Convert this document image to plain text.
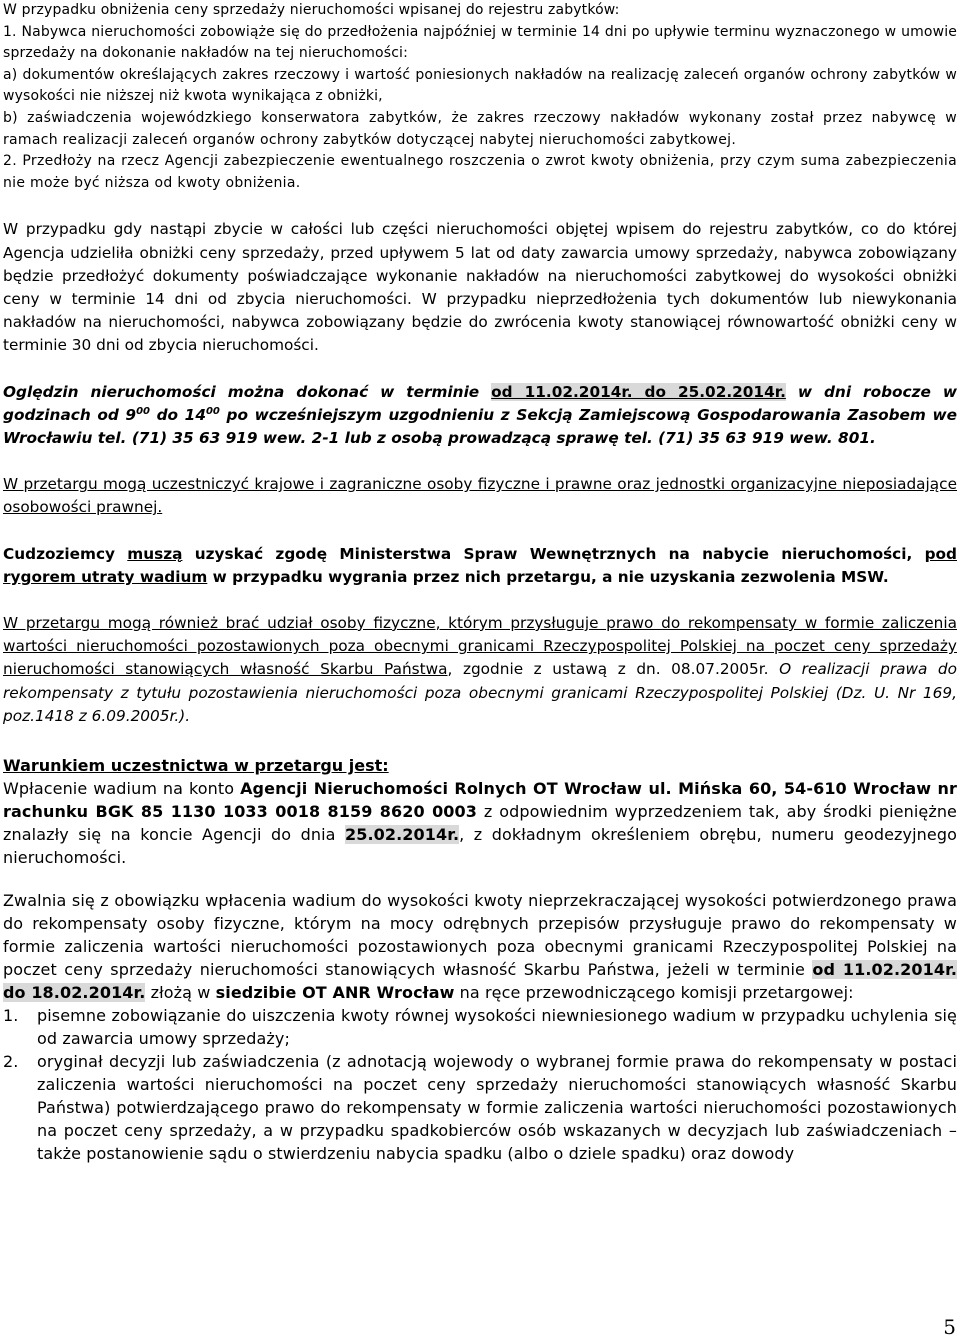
W przypadku obniżenia ceny sprzedaży nieruchomości wpisanej do rejestru zabytków:

1. Nabywca nieruchomości zobowiąże się do przedłożenia najpóźniej w terminie 14 dni po upływie terminu wyznaczonego w umowie sprzedaży na dokonanie nakładów na tej nieruchomości:

a) dokumentów określających zakres rzeczowy i wartość poniesionych nakładów na realizację zaleceń organów ochrony zabytków w wysokości nie niższej niż kwota wynikająca z obniżki,

b) zaświadczenia wojewódzkiego konserwatora zabytków, że zakres rzeczowy nakładów wykonany został przez nabywcę w ramach realizacji zaleceń organów ochrony zabytków dotyczącej nabytej nieruchomości zabytkowej.

2. Przedłoży na rzecz Agencji zabezpieczenie ewentualnego roszczenia o zwrot kwoty obniżenia, przy czym suma zabezpieczenia nie może być niższa od kwoty obniżenia.

W przypadku gdy nastąpi zbycie w całości lub części nieruchomości objętej wpisem do rejestru zabytków, co do której Agencja udzieliła obniżki ceny sprzedaży, przed upływem 5 lat od daty zawarcia umowy sprzedaży, nabywca zobowiązany będzie przedłożyć dokumenty poświadczające wykonanie nakładów na nieruchomości zabytkowej do wysokości obniżki ceny w terminie 14 dni od zbycia nieruchomości. W przypadku nieprzedłożenia tych dokumentów lub niewykonania nakładów na nieruchomości, nabywca zobowiązany będzie do zwrócenia kwoty stanowiącej równowartość obniżki ceny w terminie 30 dni od zbycia nieruchomości.

Oględzin nieruchomości można dokonać w terminie od 11.02.2014r. do 25.02.2014r. w dni robocze w godzinach od $9^{00}$ do $14^{00}$ po wcześniejszym uzgodnieniu z Sekcją Zamiejscową Gospodarowania Zasobem we Wrocławiu tel. (71) 35 63 919 wew. 2-1 lub z osobą prowadzącą sprawę tel. (71) 35 63 919 wew. 801.

W przetargu mogą uczestniczyć krajowe i zagraniczne osoby fizyczne i prawne oraz jednostki organizacyjne nieposiadające osobowości prawnej.

Cudzoziemcy muszą uzyskać zgodę Ministerstwa Spraw Wewnętrznych na nabycie nieruchomości, pod rygorem utraty wadium w przypadku wygrania przez nich przetargu, a nie uzyskania zezwolenia MSW.

W przetargu mogą również brać udział osoby fizyczne, którym przysługuje prawo do rekompensaty w formie zaliczenia wartości nieruchomości pozostawionych poza obecnymi granicami Rzeczypospolitej Polskiej na poczet ceny sprzedaży nieruchomości stanowiących własność Skarbu Państwa, zgodnie z ustawą z dn. 08.07.2005r. O realizacji prawa do rekompensaty z tytułu pozostawienia nieruchomości poza obecnymi granicami Rzeczypospolitej Polskiej (Dz. U. Nr 169, poz.1418 z 6.09.2005r.).

Warunkiem uczestnictwa w przetargu jest:

Wpłacenie wadium na konto Agencji Nieruchomości Rolnych OT Wrocław ul. Mińska 60, 54-610 Wrocław nr rachunku BGK 85 1130 1033 0018 8159 8620 0003 z odpowiednim wyprzedzeniem tak, aby środki pieniężne znalazły się na koncie Agencji do dnia 25.02.2014r., z dokładnym określeniem obrębu, numeru geodezyjnego nieruchomości.

Zwalnia się z obowiązku wpłacenia wadium do wysokości kwoty nieprzekraczającej wysokości potwierdzonego prawa do rekompensaty osoby fizyczne, którym na mocy odrębnych przepisów przysługuje prawo do rekompensaty w formie zaliczenia wartości nieruchomości pozostawionych poza obecnymi granicami Rzeczypospolitej Polskiej na poczet ceny sprzedaży nieruchomości stanowiących własność Skarbu Państwa, jeżeli w terminie od 11.02.2014r. do 18.02.2014r. złożą w siedzibie OT ANR Wrocław na ręce przewodniczącego komisji przetargowej:

1. pisemne zobowiązanie do uiszczenia kwoty równej wysokości niewniesionego wadium w przypadku uchylenia się od zawarcia umowy sprzedaży;
2. oryginał decyzji lub zaświadczenia (z adnotacją wojewody o wybranej formie prawa do rekompensaty w postaci zaliczenia wartości nieruchomości na poczet ceny sprzedaży nieruchomości stanowiących własność Skarbu Państwa) potwierdzającego prawo do rekompensaty w formie zaliczenia wartości nieruchomości pozostawionych na poczet ceny sprzedaży, a w przypadku spadkobierców osób wskazanych w decyzjach lub zaświadczeniach – także postanowienie sądu o stwierdzeniu nabycia spadku (albo o dziele spadku) oraz dowody
5
